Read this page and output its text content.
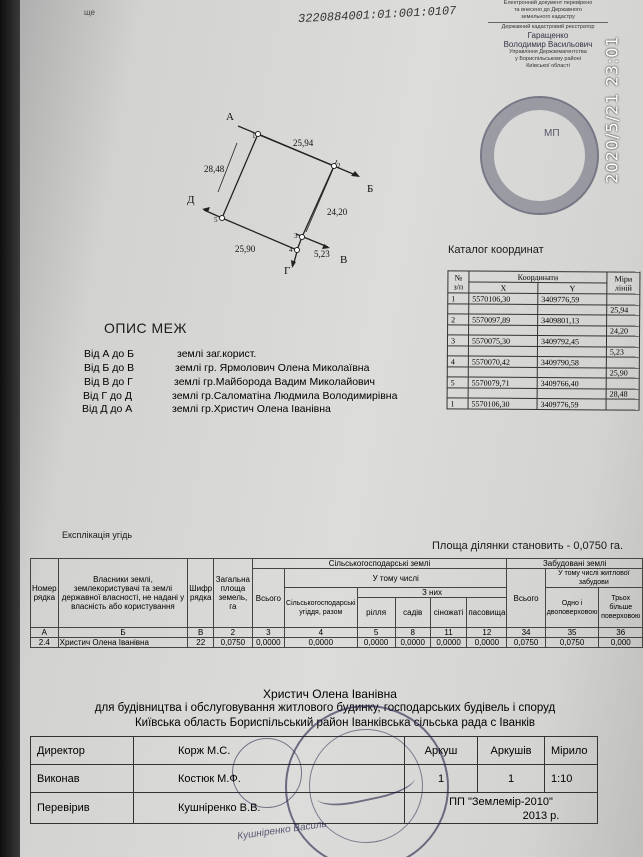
ще	3220884001:01:001:0107
Електронний документ перевірено
та внесено до Державного
земельного кадастру
Державний кадастровий реєстратор
Гаращенко
Володимир Васильович
Управління Держземагентства
у Бориспільському районі
Київської області
МП	2020/5/21 23:01
А
Б
В
Г
Д
1
2
3
4
5
25,94
24,20
5,23
25,90
28,48
Каталог координат
№ з/п	Координати		Міри ліній
	X	Y	
1	5570106,30	3409776,59	
			25,94
2	5570097,89	3409801,13	
			24,20
3	5570075,30	3409792,45	
			5,23
4	5570070,42	3409790,58	
			25,90
5	5570079,71	3409766,40	
			28,48
1	5570106,30	3409776,59	
ОПИС МЕЖ
Від А до Б	землі заг.корист.
Від Б до В	землі гр. Ярмолович Олена Миколаївна
Від В до Г	землі гр.Майборода Вадим Миколайович
Від Г до Д	землі гр.Саломатіна Людмила Володимирівна
Від Д до А	землі гр.Христич Олена Іванівна
Експлікація угідь
Площа ділянки становить - 0,0750 га.
Номер рядка	Власники землі, землекористувачі та землі державної власності, не надані у власність або користування	Шифр рядка	Загальна площа земель, га	Сільськогосподарські землі						Забудовані землі		
				Всього	У тому числі					Всього	У тому числі житлової забудови	
					Сільськогосподарські угіддя, разом	З них					Одно і двоповерховою	Трьох більше поверховою
						рілля	садів	сіножаті	пасовища			
А	Б	В	2	3	4	5	8	11	12	34	35	36
2.4	Христич Олена Іванівна	22	0,0750	0,0000	0,0000	0,0000	0,0000	0,0000	0,0000	0,0750	0,0750	0,000
Христич Олена Іванівна
для будівництва і обслуговування житлового будинку, господарських будівель і споруд
Київська область Бориспільський район Іванківська сільська рада с Іванків
Директор	Корж М.С.	Аркуш	Аркушів	Мірило
Виконав	Костюк М.Ф.	1	1	1:10
Перевірив	Кушніренко В.В.	ПП "Землемір-2010"
2013 р.		
Кушніренко Василь
